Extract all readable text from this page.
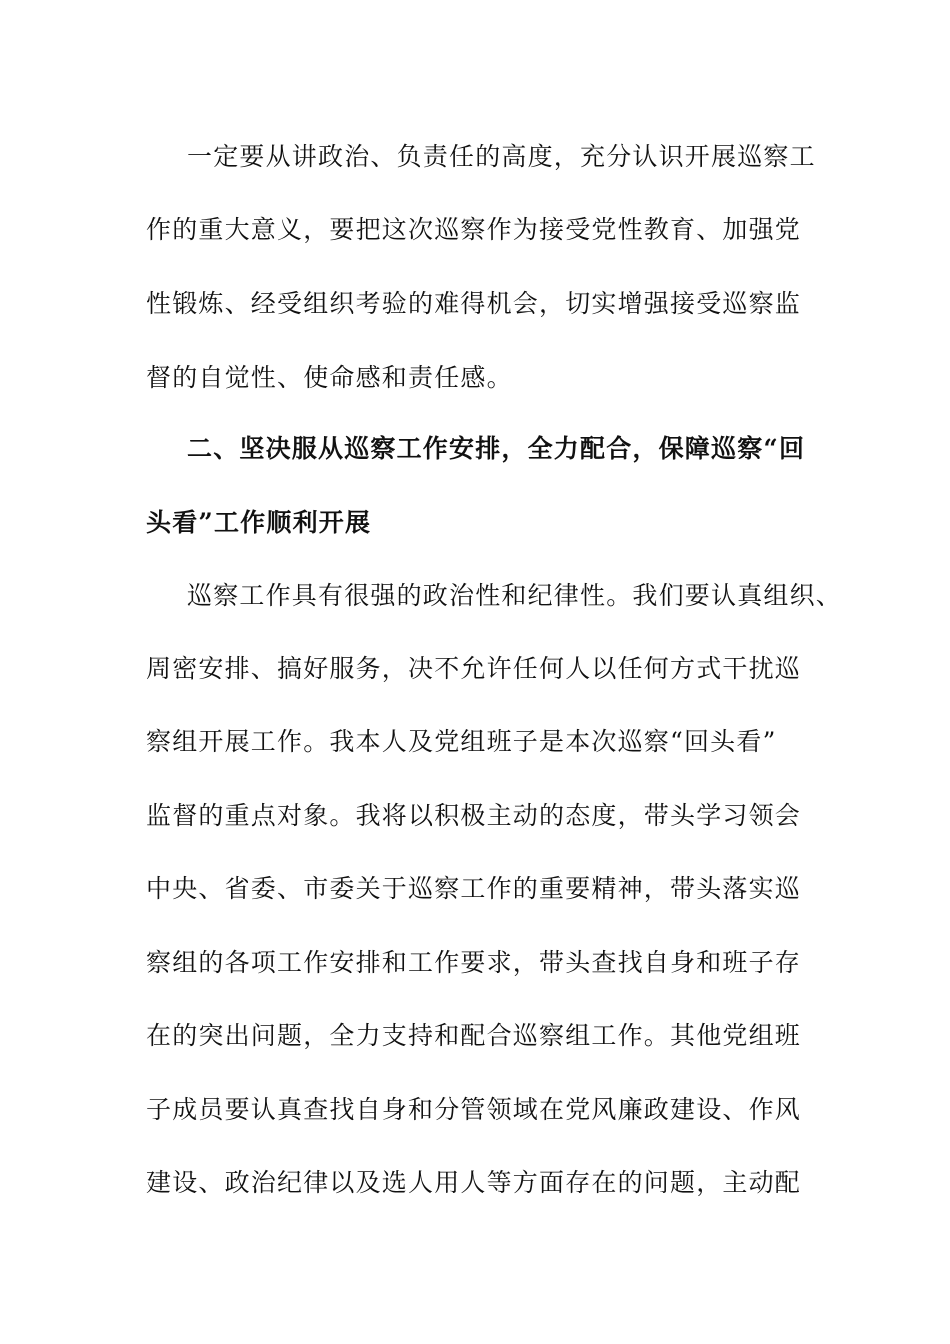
一定要从讲政治、负责任的高度，充分认识开展巡察工
作的重大意义，要把这次巡察作为接受党性教育、加强党
性锻炼、经受组织考验的难得机会，切实增强接受巡察监
督的自觉性、使命感和责任感。
二、坚决服从巡察工作安排，全力配合，保障巡察“回
头看”工作顺利开展
巡察工作具有很强的政治性和纪律性。我们要认真组织、
周密安排、搞好服务，决不允许任何人以任何方式干扰巡
察组开展工作。我本人及党组班子是本次巡察“回头看”
监督的重点对象。我将以积极主动的态度，带头学习领会
中央、省委、市委关于巡察工作的重要精神，带头落实巡
察组的各项工作安排和工作要求，带头查找自身和班子存
在的突出问题，全力支持和配合巡察组工作。其他党组班
子成员要认真查找自身和分管领域在党风廉政建设、作风
建设、政治纪律以及选人用人等方面存在的问题，主动配
